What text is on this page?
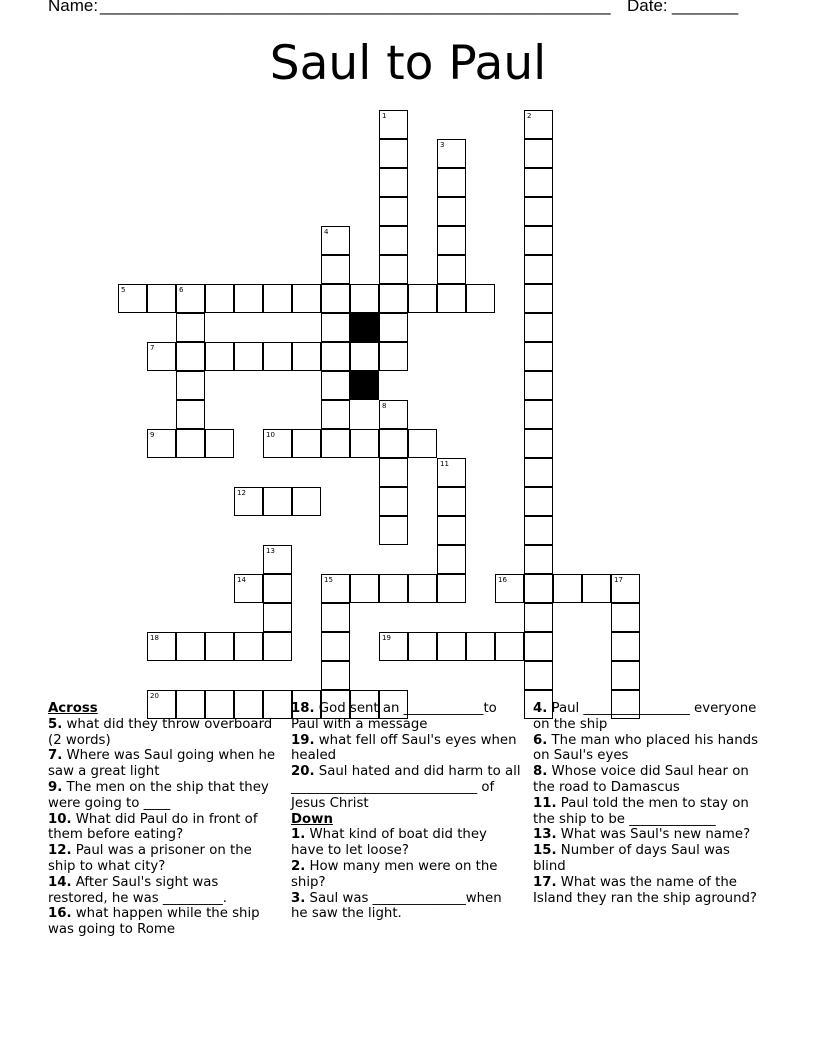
Name: ______________________________________________________ Date: _______
Saul to Paul
1	2
3
4
5	6
7
8
9	10
11
12
13
14	15	16	17
18	19
20
Across
5. what did they throw overboard (2 words)
7. Where was Saul going when he saw a great light
9. The men on the ship that they were going to ____
10. What did Paul do in front of them before eating?
12. Paul was a prisoner on the ship to what city?
14. After Saul's sight was restored, he was _________.
16. what happen while the ship was going to Rome
18. God sent an ____________to Paul with a message
19. what fell off Saul's eyes when healed
20. Saul hated and did harm to all ____________________________ of Jesus Christ
Down
1. What kind of boat did they have to let loose?
2. How many men were on the ship?
3. Saul was ______________when he saw the light.
4. Paul ________________ everyone on the ship
6. The man who placed his hands on Saul's eyes
8. Whose voice did Saul hear on the road to Damascus
11. Paul told the men to stay on the ship to be _____________
13. What was Saul's new name?
15. Number of days Saul was blind
17. What was the name of the Island they ran the ship aground?
